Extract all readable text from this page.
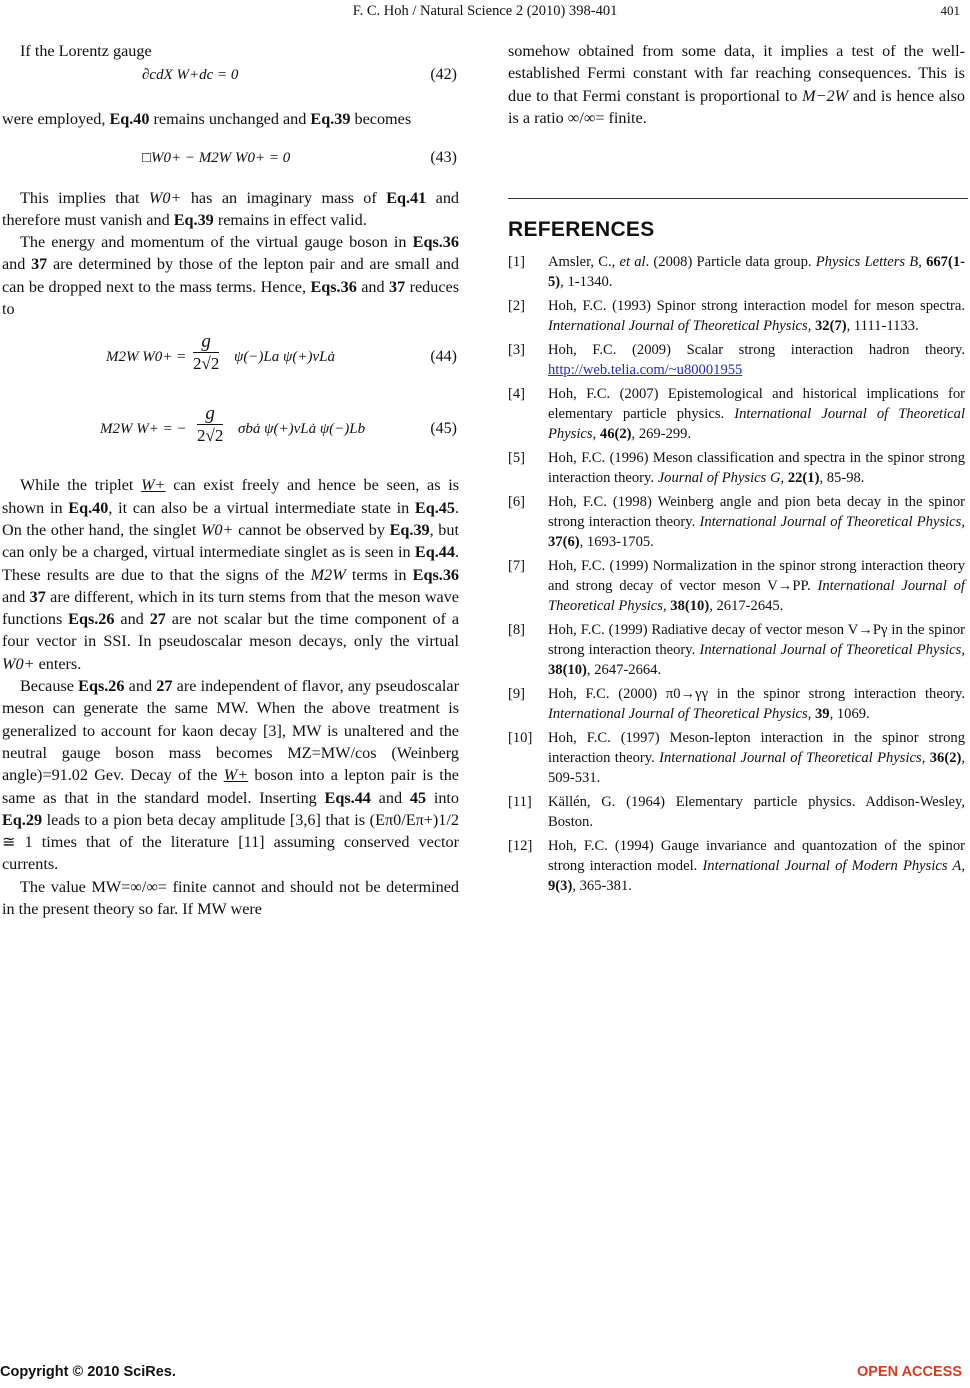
F. C. Hoh / Natural Science 2 (2010) 398-401	401

If the Lorentz gauge

∂cdX W+dc = 0	(42)

were employed, Eq.40 remains unchanged and Eq.39 becomes

□W0+ − M2W W0+ = 0	(43)

This implies that W0+ has an imaginary mass of Eq.41 and therefore must vanish and Eq.39 remains in effect valid.

The energy and momentum of the virtual gauge boson in Eqs.36 and 37 are determined by those of the lepton pair and are small and can be dropped next to the mass terms. Hence, Eqs.36 and 37 reduces to

M2W $W0+ = \frac{g}{2√2} \psi(-)La$ ψ(+)νLȧ	(44)
M2W W+ = − $\frac{g}{2√2}$ σbȧ ψ(+)νLȧ ψ(−)Lb	(45)

While the triplet W+ can exist freely and hence be seen, as is shown in Eq.40, it can also be a virtual intermediate state in Eq.45. On the other hand, the singlet W0+ cannot be observed by Eq.39, but can only be a charged, virtual intermediate singlet as is seen in Eq.44. These results are due to that the signs of the M2W terms in Eqs.36 and 37 are different, which in its turn stems from that the meson wave functions Eqs.26 and 27 are not scalar but the time component of a four vector in SSI. In pseudoscalar meson decays, only the virtual W0+ enters.

Because Eqs.26 and 27 are independent of flavor, any pseudoscalar meson can generate the same MW. When the above treatment is generalized to account for kaon decay [3], MW is unaltered and the neutral gauge boson mass becomes MZ=MW/cos (Weinberg angle)=91.02 Gev. Decay of the W+ boson into a lepton pair is the same as that in the standard model. Inserting Eqs.44 and 45 into Eq.29 leads to a pion beta decay amplitude [3,6] that is (Eπ0/Eπ+)1/2 ≅ 1 times that of the literature [11] assuming conserved vector currents.

The value MW=∞/∞= finite cannot and should not be determined in the present theory so far. If MW were

somehow obtained from some data, it implies a test of the well-established Fermi constant with far reaching consequences. This is due to that Fermi constant is proportional to M−2W and is hence also is a ratio ∞/∞= finite.

REFERENCES
[1] Amsler, C., et al. (2008) Particle data group. Physics Letters B, 667(1-5), 1-1340.
[2] Hoh, F.C. (1993) Spinor strong interaction model for meson spectra. International Journal of Theoretical Physics, 32(7), 1111-1133.
[3] Hoh, F.C. (2009) Scalar strong interaction hadron theory. http://web.telia.com/~u80001955
[4] Hoh, F.C. (2007) Epistemological and historical implications for elementary particle physics. International Journal of Theoretical Physics, 46(2), 269-299.
[5] Hoh, F.C. (1996) Meson classification and spectra in the spinor strong interaction theory. Journal of Physics G, 22(1), 85-98.
[6] Hoh, F.C. (1998) Weinberg angle and pion beta decay in the spinor strong interaction theory. International Journal of Theoretical Physics, 37(6), 1693-1705.
[7] Hoh, F.C. (1999) Normalization in the spinor strong interaction theory and strong decay of vector meson V→PP. International Journal of Theoretical Physics, 38(10), 2617-2645.
[8] Hoh, F.C. (1999) Radiative decay of vector meson V→Pγ in the spinor strong interaction theory. International Journal of Theoretical Physics, 38(10), 2647-2664.
[9] Hoh, F.C. (2000) π0→γγ in the spinor strong interaction theory. International Journal of Theoretical Physics, 39, 1069.
[10] Hoh, F.C. (1997) Meson-lepton interaction in the spinor strong interaction theory. International Journal of Theoretical Physics, 36(2), 509-531.
[11] Källén, G. (1964) Elementary particle physics. Addison-Wesley, Boston.
[12] Hoh, F.C. (1994) Gauge invariance and quantozation of the spinor strong interaction model. International Journal of Modern Physics A, 9(3), 365-381.
Copyright © 2010 SciRes.	OPEN ACCESS
